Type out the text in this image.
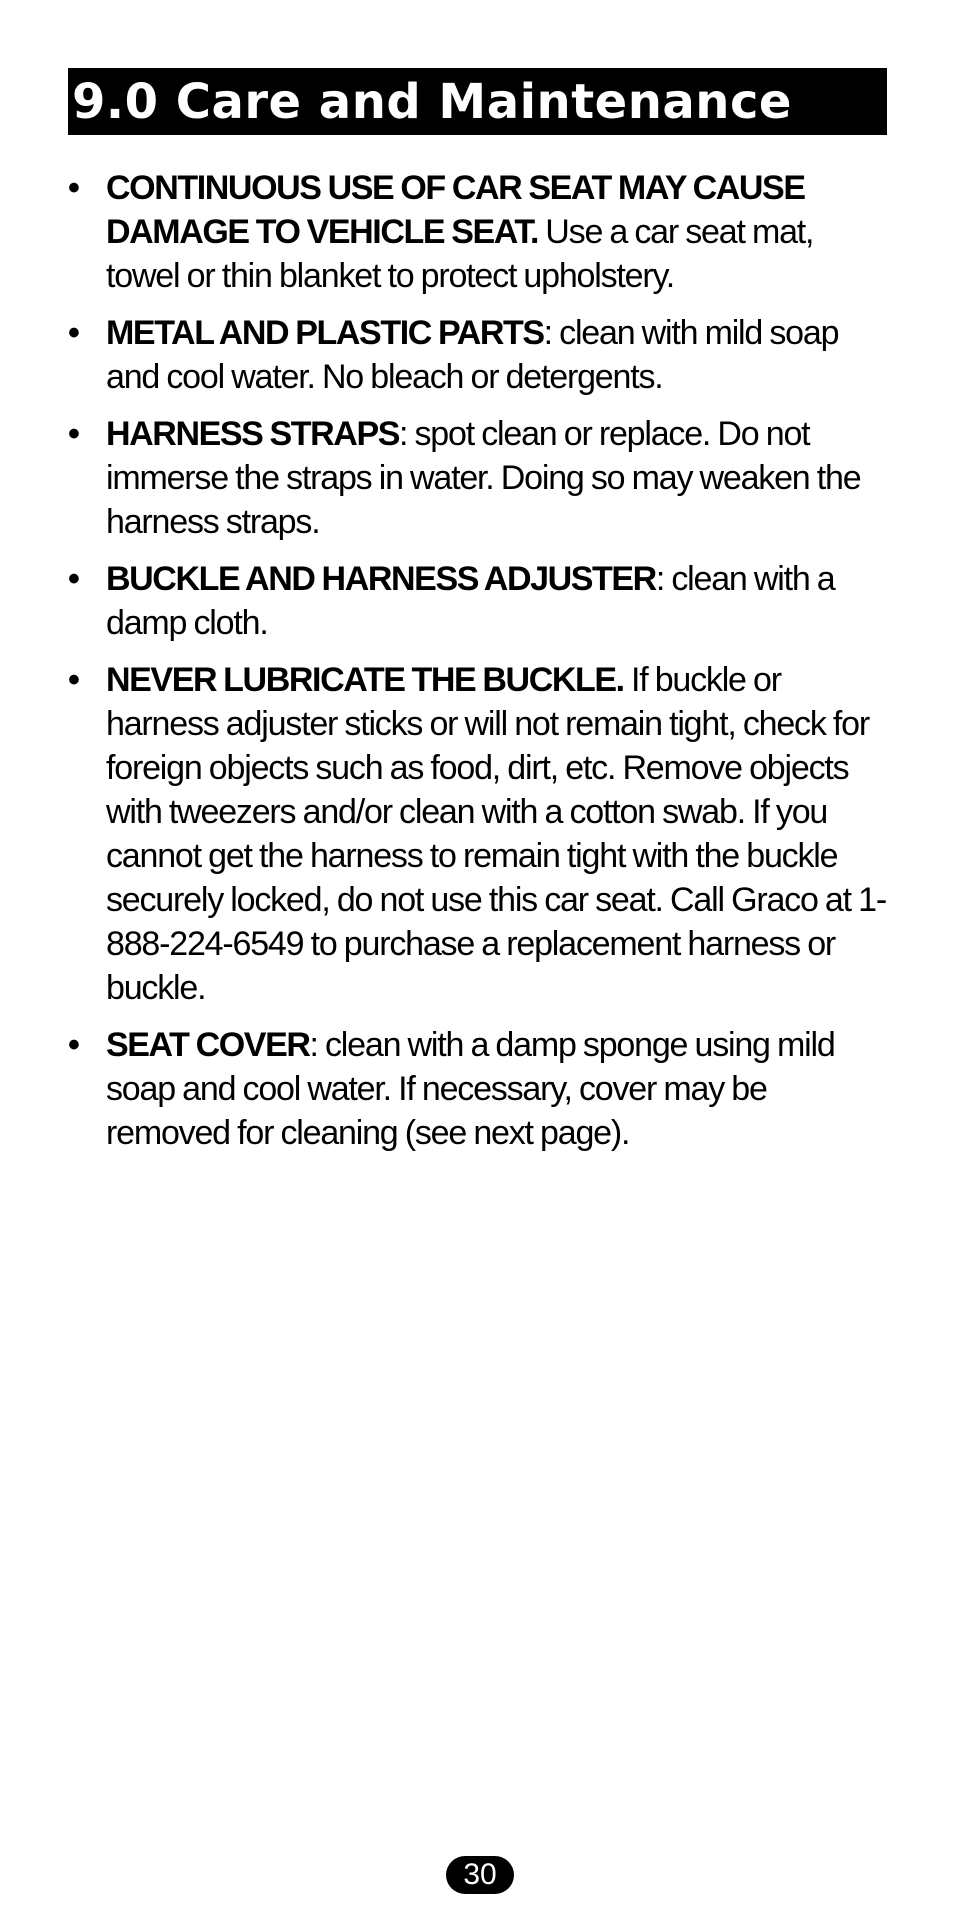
9.0 Care and Maintenance
• CONTINUOUS USE OF CAR SEAT MAY CAUSE DAMAGE TO VEHICLE SEAT. Use a car seat mat, towel or thin blanket to protect upholstery.
• METAL AND PLASTIC PARTS: clean with mild soap and cool water. No bleach or detergents.
• HARNESS STRAPS: spot clean or replace. Do not immerse the straps in water. Doing so may weaken the harness straps.
• BUCKLE AND HARNESS ADJUSTER: clean with a damp cloth.
• NEVER LUBRICATE THE BUCKLE. If buckle or harness adjuster sticks or will not remain tight, check for foreign objects such as food, dirt, etc. Remove objects with tweezers and/or clean with a cotton swab. If you cannot get the harness to remain tight with the buckle securely locked, do not use this car seat. Call Graco at 1-888-224-6549 to purchase a replacement harness or buckle.
• SEAT COVER: clean with a damp sponge using mild soap and cool water. If necessary, cover may be removed for cleaning (see next page).
30
